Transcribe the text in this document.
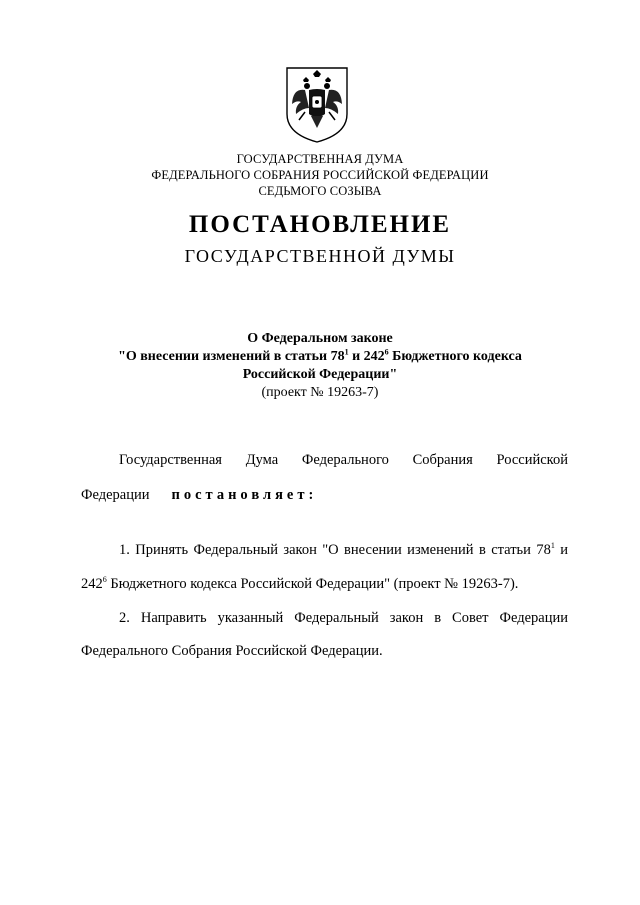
ГОСУДАРСТВЕННАЯ ДУМА
ФЕДЕРАЛЬНОГО СОБРАНИЯ РОССИЙСКОЙ ФЕДЕРАЦИИ
СЕДЬМОГО СОЗЫВА
ПОСТАНОВЛЕНИЕ
ГОСУДАРСТВЕННОЙ ДУМЫ
О Федеральном законе
"О внесении изменений в статьи $78^1$ и $242^6$ Бюджетного кодекса
Российской Федерации"
(проект № 19263-7)
Государственная Дума Федерального Собрания Российской
Федерации постановляет:
1. Принять Федеральный закон "О внесении изменений в статьи $78^1$ и
$242^6$ Бюджетного кодекса Российской Федерации" (проект № 19263-7).
2. Направить указанный Федеральный закон в Совет Федерации
Федерального Собрания Российской Федерации.
